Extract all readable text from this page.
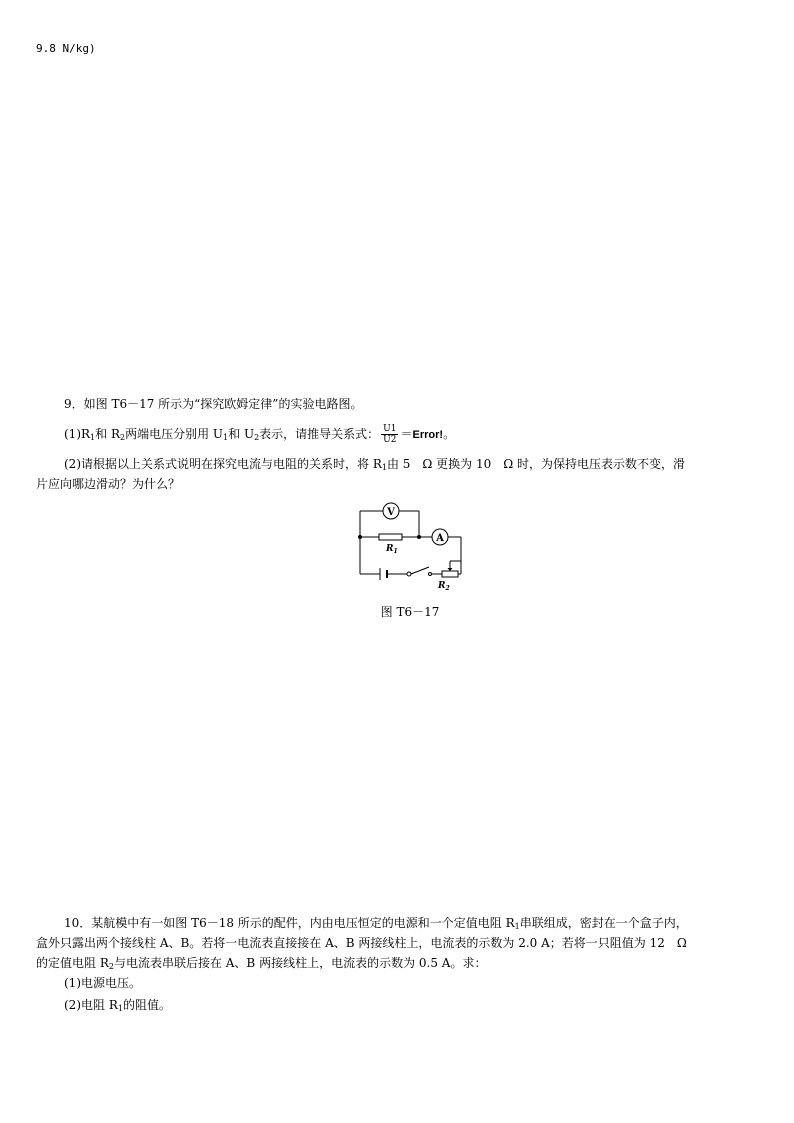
9.8 N/kg)
9．如图 T6－17 所示为“探究欧姆定律”的实验电路图。
$(1)R_1$和 $R_2$两端电压分别用 $U_1$和 $U_2$表示，请推导关系式： $\frac{U1}{U2}$ ＝Error!。
(2)请根据以上关系式说明在探究电流与电阻的关系时，将 $R_1$由 5　Ω 更换为 10　Ω 时，为保持电压表示数不变，滑
片应向哪边滑动？为什么？
V
$R_1$
A
$R_2$
图 T6－17
10．某航模中有一如图 T6－18 所示的配件，内由电压恒定的电源和一个定值电阻 $R_1$串联组成，密封在一个盒子内，
盒外只露出两个接线柱 A、B。若将一电流表直接接在 A、B 两接线柱上，电流表的示数为 2.0 A；若将一只阻值为 12　Ω
的定值电阻 $R_2$与电流表串联后接在 A、B 两接线柱上，电流表的示数为 0.5 A。求：
(1)电源电压。
(2)电阻 $R_1$的阻值。
